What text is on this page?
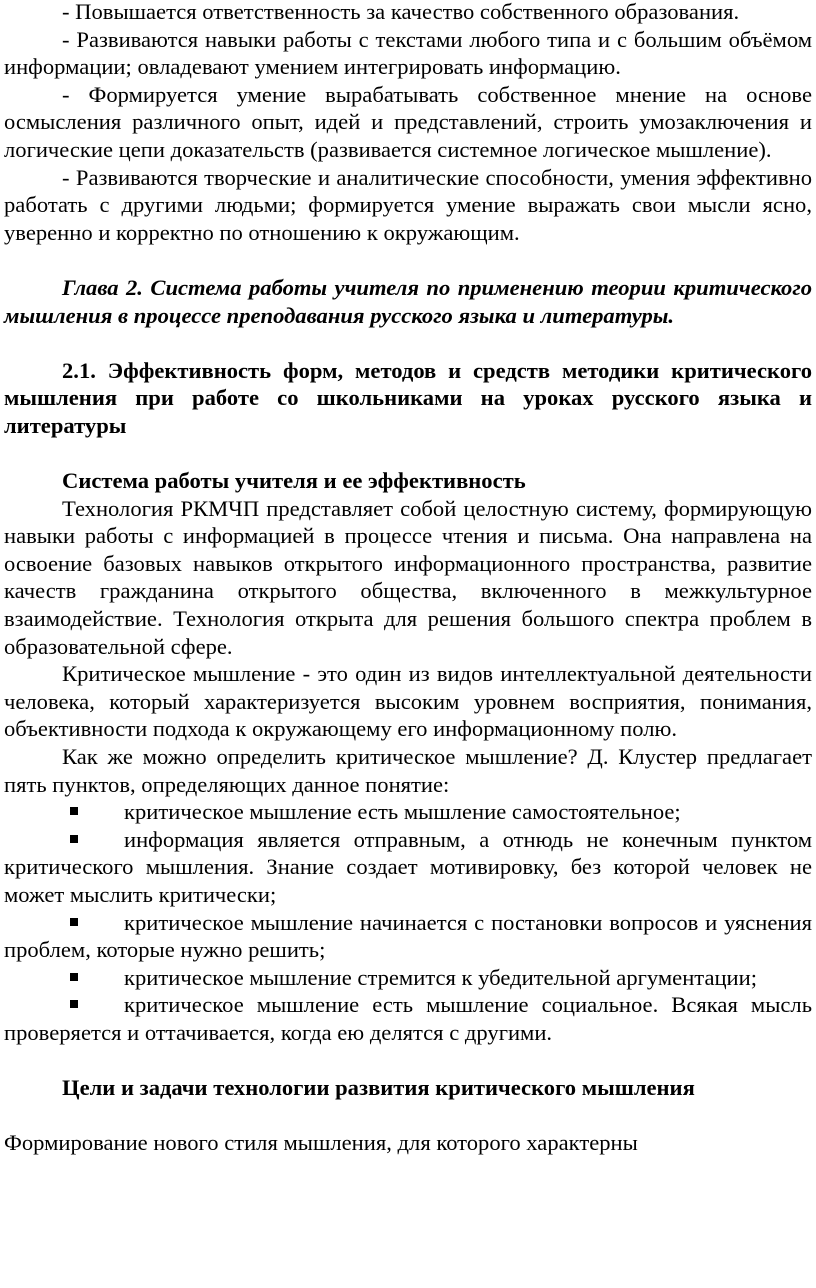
- Повышается ответственность за качество собственного образования.

- Развиваются навыки работы с текстами любого типа и с большим объёмом информации; овладевают умением интегрировать информацию.

- Формируется умение вырабатывать собственное мнение на основе осмысления различного опыт, идей и представлений, строить умозаключения и логические цепи доказательств (развивается системное логическое мышление).

- Развиваются творческие и аналитические способности, умения эффективно работать с другими людьми; формируется умение выражать свои мысли ясно, уверенно и корректно по отношению к окружающим.

Глава 2. Система работы учителя по применению теории критического мышления в процессе преподавания русского языка и литературы.

2.1. Эффективность форм, методов и средств методики критического мышления при работе со школьниками на уроках русского языка и литературы

Система работы учителя и ее эффективность

Технология РКМЧП представляет собой целостную систему, формирующую навыки работы с информацией в процессе чтения и письма. Она направлена на освоение базовых навыков открытого информационного пространства, развитие качеств гражданина открытого общества, включенного в межкультурное взаимодействие. Технология открыта для решения большого спектра проблем в образовательной сфере.

Критическое мышление - это один из видов интеллектуальной деятельности человека, который характеризуется высоким уровнем восприятия, понимания, объективности подхода к окружающему его информационному полю.

Как же можно определить критическое мышление? Д. Клустер предлагает пять пунктов, определяющих данное понятие:

критическое мышление есть мышление самостоятельное;

информация является отправным, а отнюдь не конечным пунктом критического мышления. Знание создает мотивировку, без которой человек не может мыслить критически;

критическое мышление начинается с постановки вопросов и уяснения проблем, которые нужно решить;

критическое мышление стремится к убедительной аргументации;

критическое мышление есть мышление социальное. Всякая мысль проверяется и оттачивается, когда ею делятся с другими.

Цели и задачи технологии развития критического мышления

Формирование нового стиля мышления, для которого характерны
